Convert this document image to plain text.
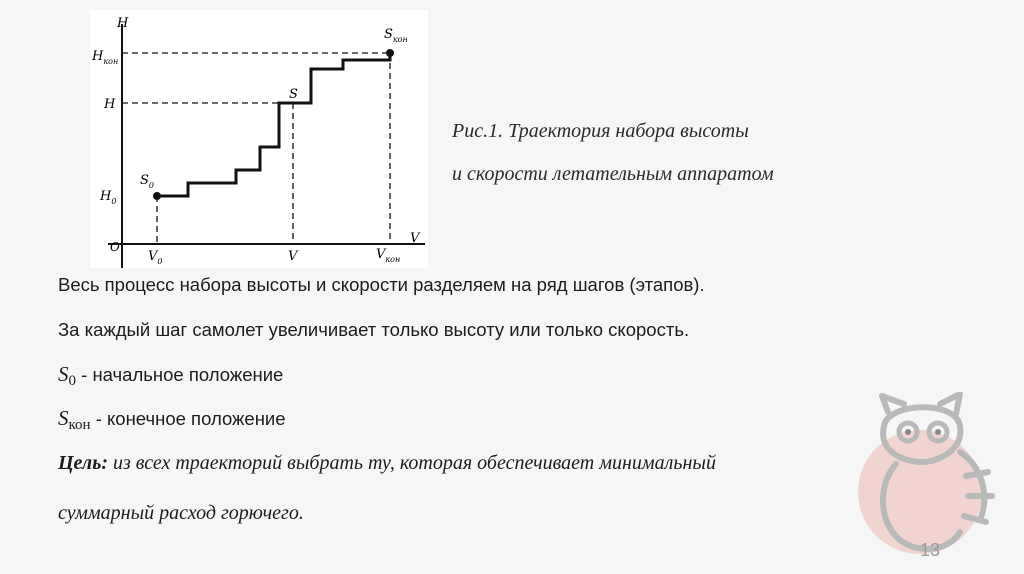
H
V
O
$H_{кон}$
H
$H_0$
$V_0$	V	$V_{кон}$
$S_0$
S
$S_{кон}$
Рис.1. Траектория набора высоты
и скорости летательным аппаратом
Весь процесс набора высоты и скорости разделяем на ряд шагов (этапов).
За каждый шаг самолет увеличивает только высоту или только скорость.
$S_0$ - начальное положение
$S_{кон}$ - конечное положение
Цель: из всех траекторий выбрать ту, которая обеспечивает минимальный
суммарный расход горючего.
13
